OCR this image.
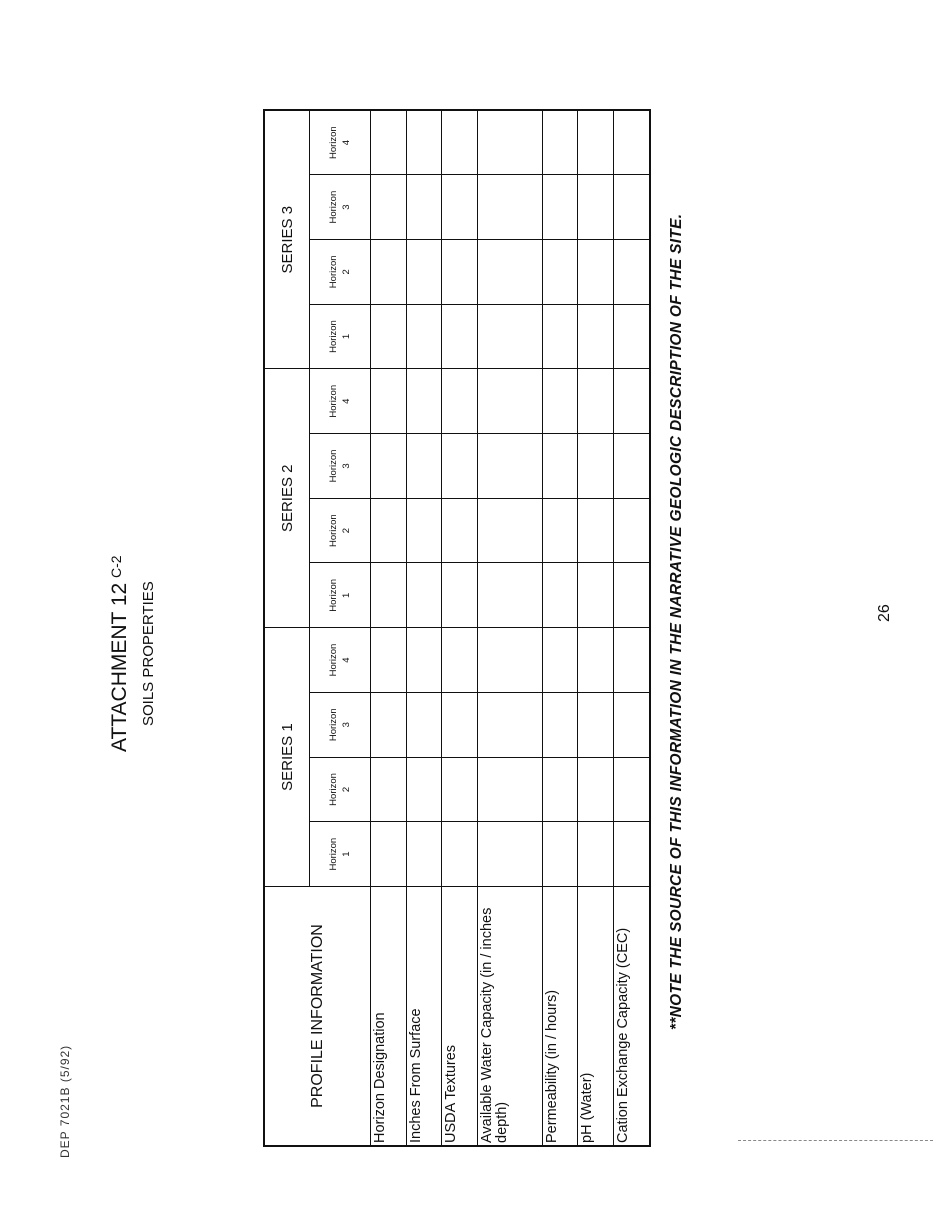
DEP 7021B (5/92)
ATTACHMENT 12
C-2
SOILS PROPERTIES
PROFILE INFORMATION	SERIES 1				SERIES 2				SERIES 3			
	Horizon 1	Horizon 2	Horizon 3	Horizon 4	Horizon 1	Horizon 2	Horizon 3	Horizon 4	Horizon 1	Horizon 2	Horizon 3	Horizon 4
Horizon Designation												
Inches From Surface												
USDA Textures												
Available Water Capacity (in / inches depth)												
Permeability (in / hours)												
pH (Water)												
Cation Exchange Capacity (CEC)												
**NOTE THE SOURCE OF THIS INFORMATION IN THE NARRATIVE GEOLOGIC DESCRIPTION OF THE SITE.	26
